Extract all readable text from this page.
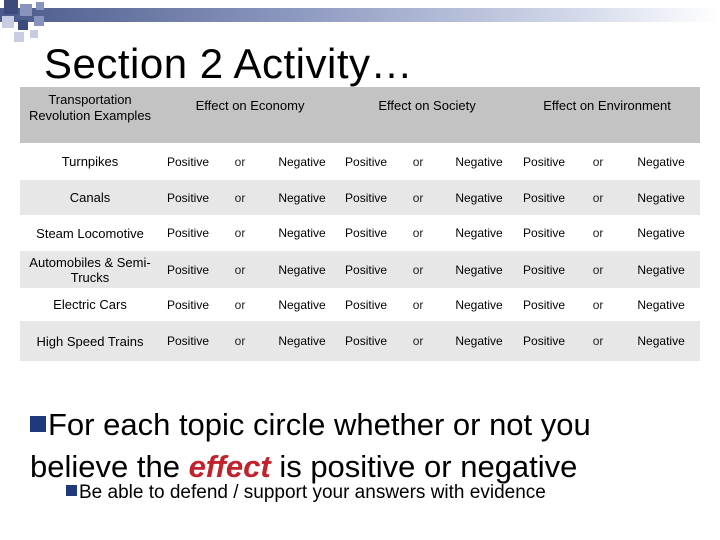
Section 2 Activity…
Transportation Revolution Examples	Effect on Economy			Effect on Society			Effect on Environment		
Turnpikes	Positive	or	Negative	Positive	or	Negative	Positive	or	Negative
Canals	Positive	or	Negative	Positive	or	Negative	Positive	or	Negative
Steam Locomotive	Positive	or	Negative	Positive	or	Negative	Positive	or	Negative
Automobiles & Semi-Trucks	Positive	or	Negative	Positive	or	Negative	Positive	or	Negative
Electric Cars	Positive	or	Negative	Positive	or	Negative	Positive	or	Negative
High Speed Trains	Positive	or	Negative	Positive	or	Negative	Positive	or	Negative
For each topic circle whether or not you believe the effect is positive or negative
Be able to defend / support your answers with evidence
